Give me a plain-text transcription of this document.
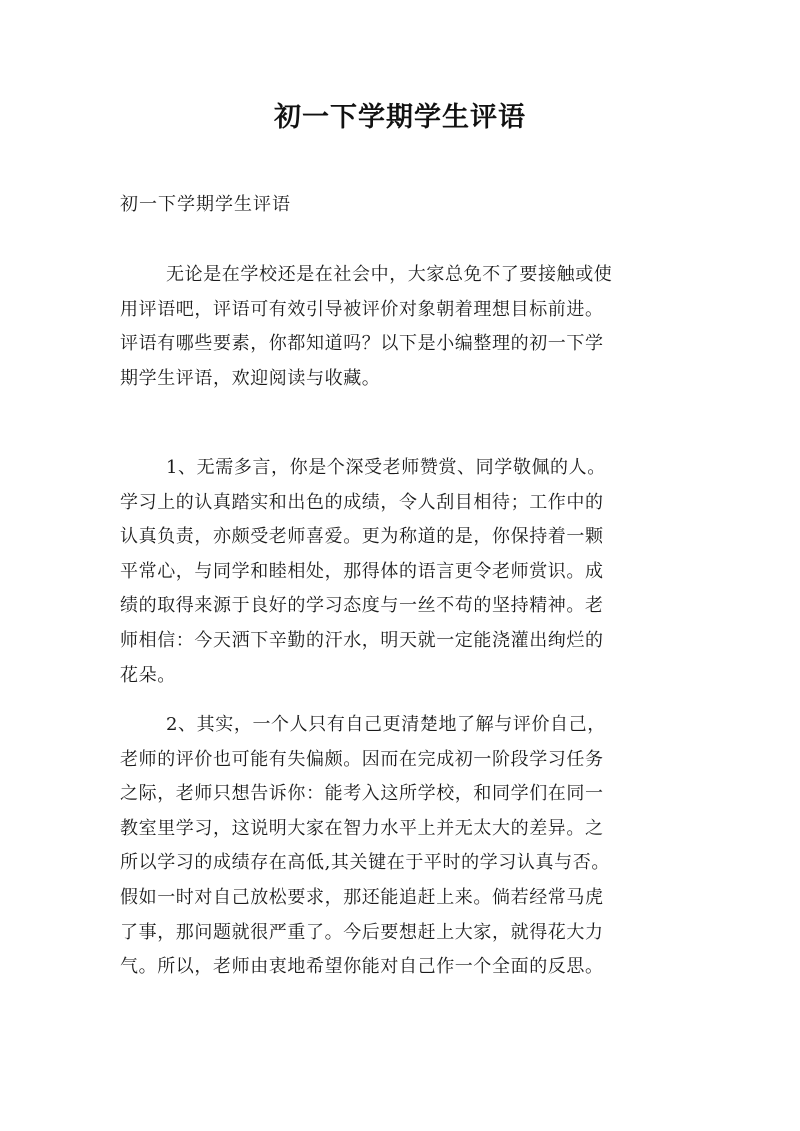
初一下学期学生评语
初一下学期学生评语
无论是在学校还是在社会中，大家总免不了要接触或使
用评语吧，评语可有效引导被评价对象朝着理想目标前进。
评语有哪些要素，你都知道吗？以下是小编整理的初一下学
期学生评语，欢迎阅读与收藏。
1、无需多言，你是个深受老师赞赏、同学敬佩的人。
学习上的认真踏实和出色的成绩，令人刮目相待；工作中的
认真负责，亦颇受老师喜爱。更为称道的是，你保持着一颗
平常心，与同学和睦相处，那得体的语言更令老师赏识。成
绩的取得来源于良好的学习态度与一丝不苟的坚持精神。老
师相信：今天洒下辛勤的汗水，明天就一定能浇灌出绚烂的
花朵。
2、其实，一个人只有自己更清楚地了解与评价自己，
老师的评价也可能有失偏颇。因而在完成初一阶段学习任务
之际，老师只想告诉你：能考入这所学校，和同学们在同一
教室里学习，这说明大家在智力水平上并无太大的差异。之
所以学习的成绩存在高低,其关键在于平时的学习认真与否。
假如一时对自己放松要求，那还能追赶上来。倘若经常马虎
了事，那问题就很严重了。今后要想赶上大家，就得花大力
气。所以，老师由衷地希望你能对自己作一个全面的反思。
